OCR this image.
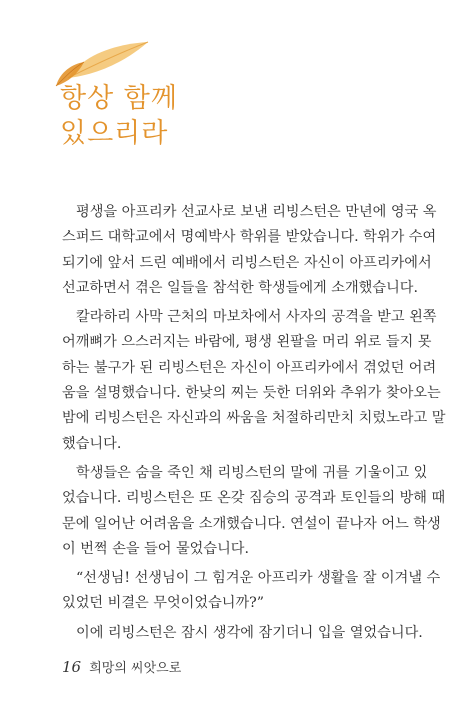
항상 함께
있으리라
평생을 아프리카 선교사로 보낸 리빙스턴은 만년에 영국 옥
스퍼드 대학교에서 명예박사 학위를 받았습니다. 학위가 수여
되기에 앞서 드린 예배에서 리빙스턴은 자신이 아프리카에서
선교하면서 겪은 일들을 참석한 학생들에게 소개했습니다.
칼라하리 사막 근처의 마보차에서 사자의 공격을 받고 왼쪽
어깨뼈가 으스러지는 바람에, 평생 왼팔을 머리 위로 들지 못
하는 불구가 된 리빙스턴은 자신이 아프리카에서 겪었던 어려
움을 설명했습니다. 한낮의 찌는 듯한 더위와 추위가 찾아오는
밤에 리빙스턴은 자신과의 싸움을 처절하리만치 치렀노라고 말
했습니다.
학생들은 숨을 죽인 채 리빙스턴의 말에 귀를 기울이고 있
었습니다. 리빙스턴은 또 온갖 짐승의 공격과 토인들의 방해 때
문에 일어난 어려움을 소개했습니다. 연설이 끝나자 어느 학생
이 번쩍 손을 들어 물었습니다.
“선생님! 선생님이 그 힘겨운 아프리카 생활을 잘 이겨낼 수
있었던 비결은 무엇이었습니까?”
이에 리빙스턴은 잠시 생각에 잠기더니 입을 열었습니다.
16 희망의 씨앗으로
